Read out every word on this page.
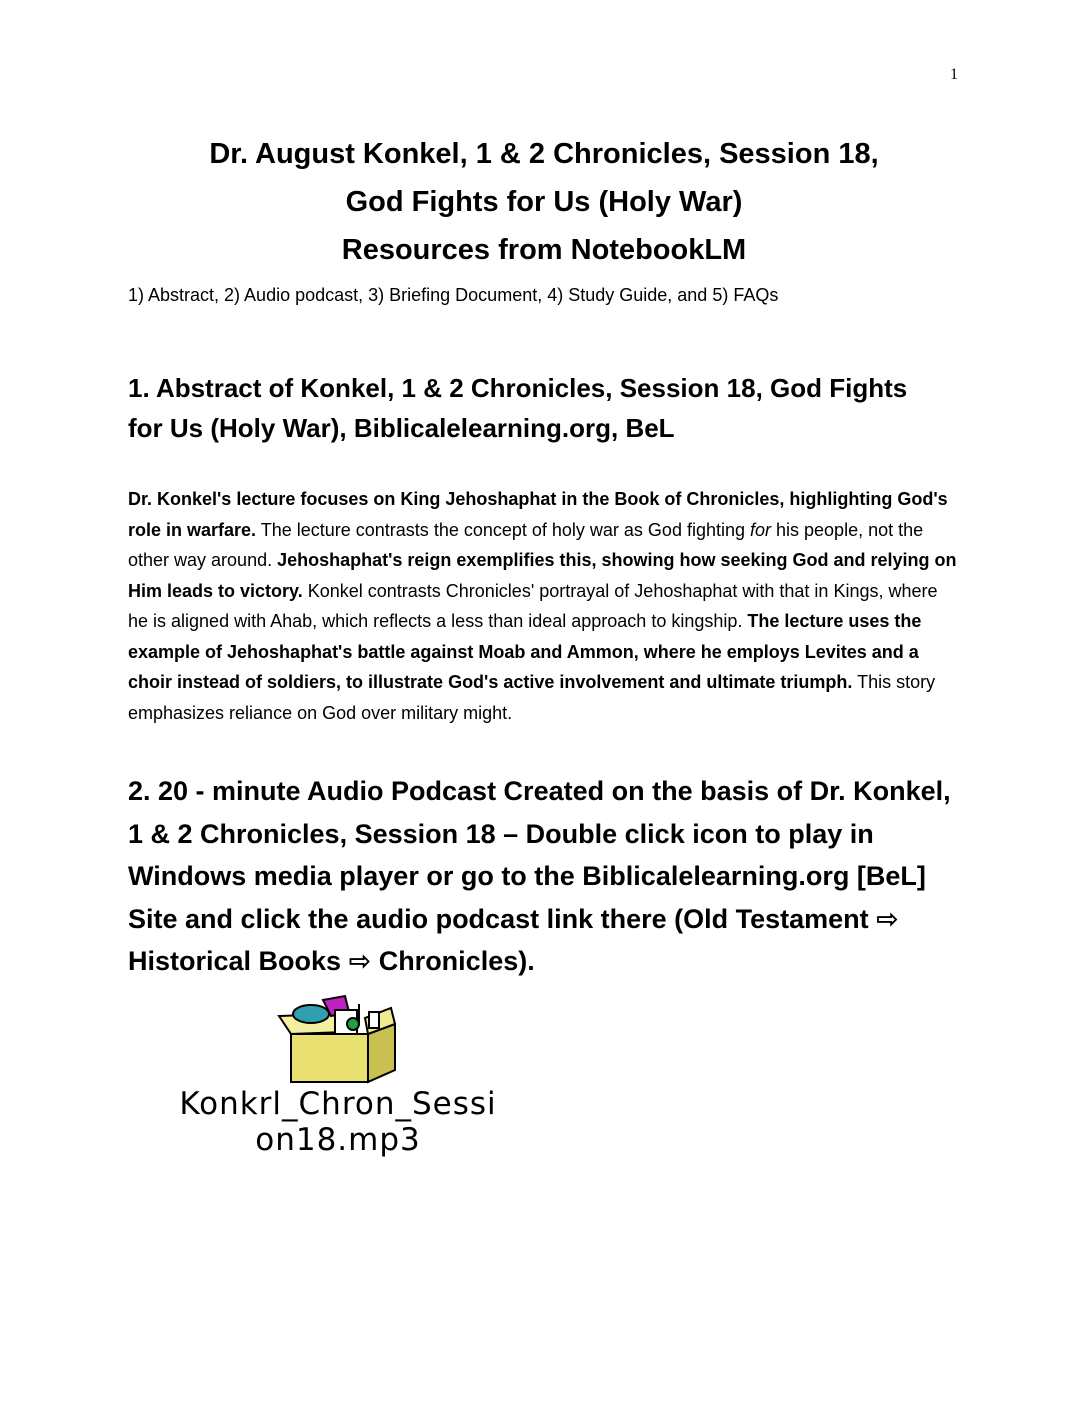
1
Dr. August Konkel, 1 & 2 Chronicles, Session 18,
God Fights for Us (Holy War)
Resources from NotebookLM
1) Abstract, 2) Audio podcast, 3) Briefing Document, 4) Study Guide, and 5) FAQs
1. Abstract of Konkel, 1 & 2 Chronicles, Session 18, God Fights
for Us (Holy War), Biblicalelearning.org, BeL
Dr. Konkel's lecture focuses on King Jehoshaphat in the Book of Chronicles, highlighting God's role in warfare. The lecture contrasts the concept of holy war as God fighting for his people, not the other way around. Jehoshaphat's reign exemplifies this, showing how seeking God and relying on Him leads to victory. Konkel contrasts Chronicles' portrayal of Jehoshaphat with that in Kings, where he is aligned with Ahab, which reflects a less than ideal approach to kingship. The lecture uses the example of Jehoshaphat's battle against Moab and Ammon, where he employs Levites and a choir instead of soldiers, to illustrate God's active involvement and ultimate triumph. This story emphasizes reliance on God over military might.
2. 20 - minute Audio Podcast Created on the basis of Dr. Konkel, 1 & 2 Chronicles, Session 18 – Double click icon to play in Windows media player or go to the Biblicalelearning.org [BeL] Site and click the audio podcast link there (Old Testament ⇨ Historical Books ⇨ Chronicles).
Konkrl_Chron_Sessi
on18.mp3
